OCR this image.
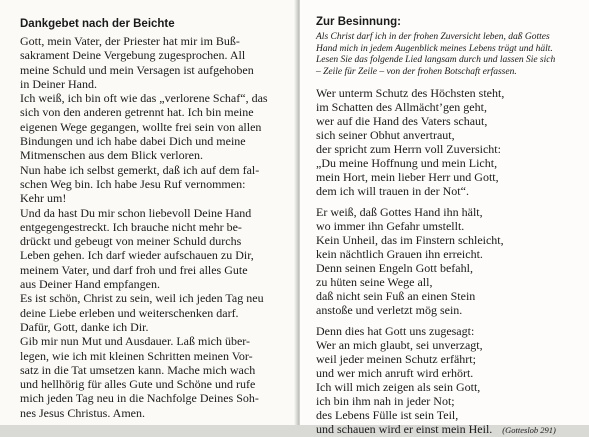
Dankgebet nach der Beichte

Gott, mein Vater, der Priester hat mir im Buß-

sakrament Deine Vergebung zugesprochen. All

meine Schuld und mein Versagen ist aufgehoben

in Deiner Hand.

Ich weiß, ich bin oft wie das „verlorene Schaf“, das

sich von den anderen getrennt hat. Ich bin meine

eigenen Wege gegangen, wollte frei sein von allen

Bindungen und ich habe dabei Dich und meine

Mitmenschen aus dem Blick verloren.

Nun habe ich selbst gemerkt, daß ich auf dem fal-

schen Weg bin. Ich habe Jesu Ruf vernommen:

Kehr um!

Und da hast Du mir schon liebevoll Deine Hand

entgegengestreckt. Ich brauche nicht mehr be-

drückt und gebeugt von meiner Schuld durchs

Leben gehen. Ich darf wieder aufschauen zu Dir,

meinem Vater, und darf froh und frei alles Gute

aus Deiner Hand empfangen.

Es ist schön, Christ zu sein, weil ich jeden Tag neu

deine Liebe erleben und weiterschenken darf.

Dafür, Gott, danke ich Dir.

Gib mir nun Mut und Ausdauer. Laß mich über-

legen, wie ich mit kleinen Schritten meinen Vor-

satz in die Tat umsetzen kann. Mache mich wach

und hellhörig für alles Gute und Schöne und rufe

mich jeden Tag neu in die Nachfolge Deines Soh-

nes Jesus Christus. Amen.

Zur Besinnung:
Als Christ darf ich in der frohen Zuversicht leben, daß Gottes
Hand mich in jedem Augenblick meines Lebens trägt und hält.
Lesen Sie das folgende Lied langsam durch und lassen Sie sich
– Zeile für Zeile – von der frohen Botschaft erfassen.
Wer unterm Schutz des Höchsten steht,
im Schatten des Allmächt’gen geht,
wer auf die Hand des Vaters schaut,
sich seiner Obhut anvertraut,
der spricht zum Herrn voll Zuversicht:
„Du meine Hoffnung und mein Licht,
mein Hort, mein lieber Herr und Gott,
dem ich will trauen in der Not“.
Er weiß, daß Gottes Hand ihn hält,
wo immer ihn Gefahr umstellt.
Kein Unheil, das im Finstern schleicht,
kein nächtlich Grauen ihn erreicht.
Denn seinen Engeln Gott befahl,
zu hüten seine Wege all,
daß nicht sein Fuß an einen Stein
anstoße und verletzt mög sein.
Denn dies hat Gott uns zugesagt:
Wer an mich glaubt, sei unverzagt,
weil jeder meinen Schutz erfährt;
und wer mich anruft wird erhört.
Ich will mich zeigen als sein Gott,
ich bin ihm nah in jeder Not;
des Lebens Fülle ist sein Teil,
und schauen wird er einst mein Heil. (Gotteslob 291)
